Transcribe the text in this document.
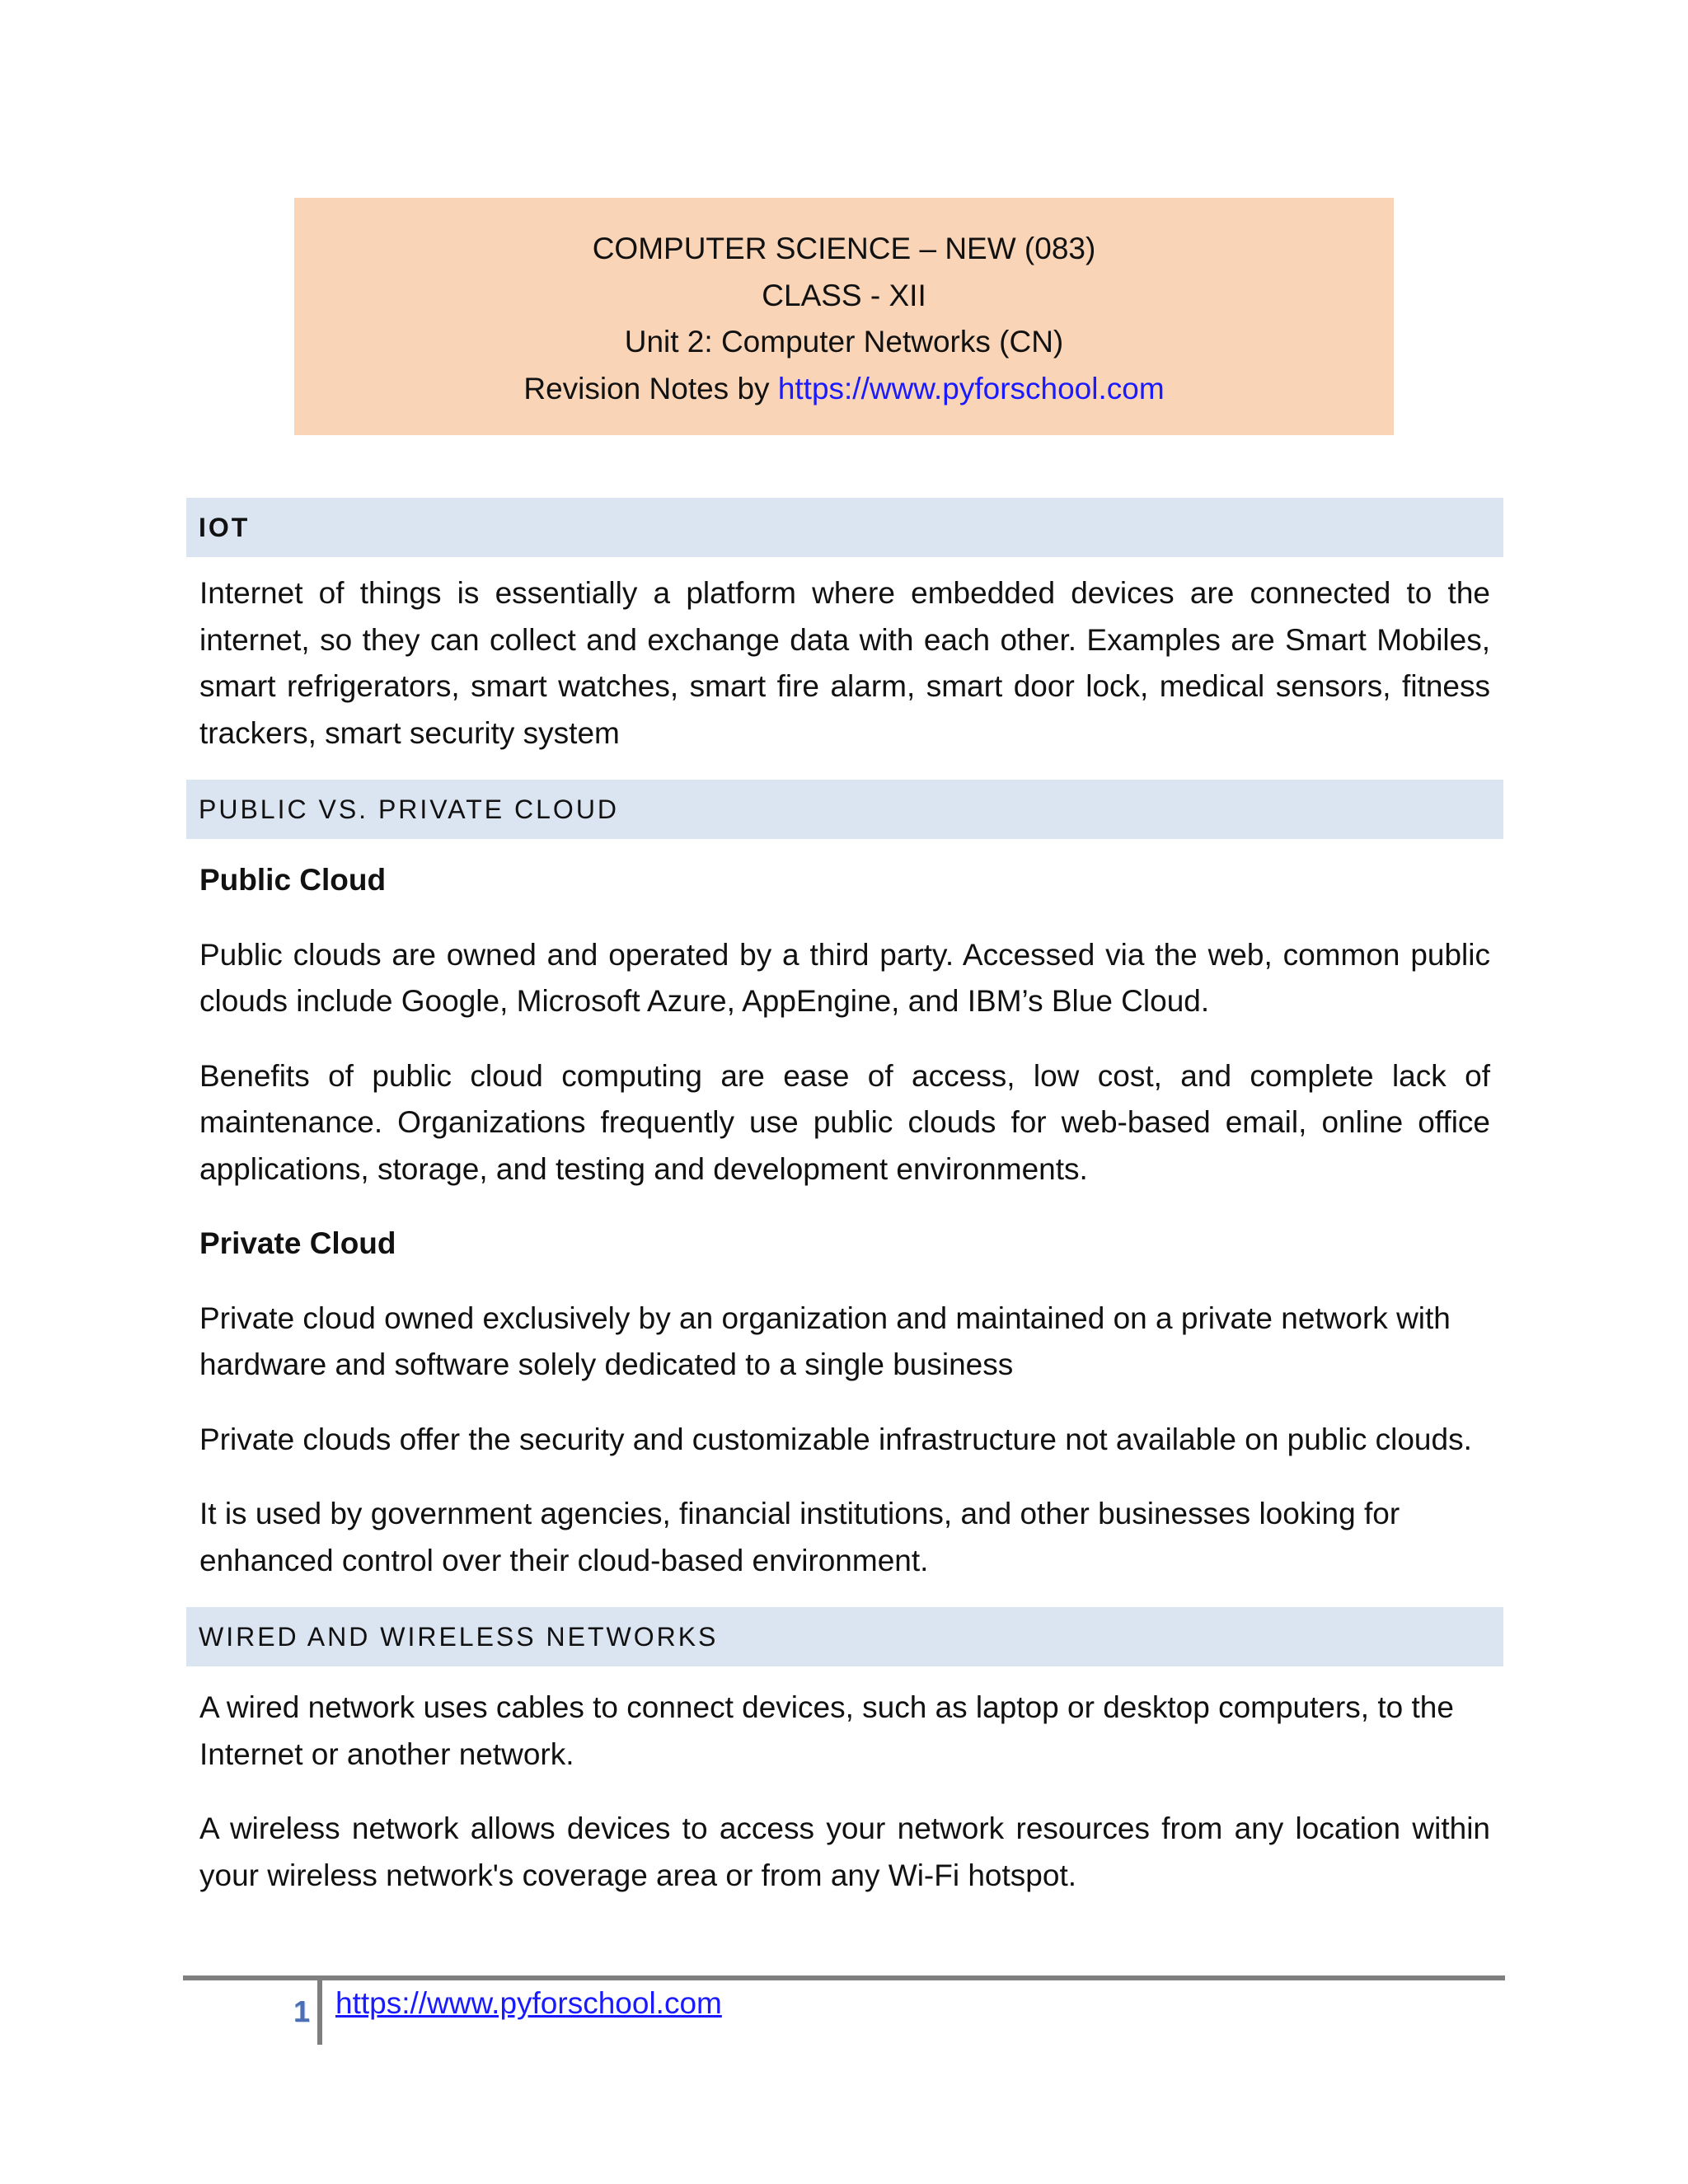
COMPUTER SCIENCE – NEW (083)
CLASS - XII
Unit 2: Computer Networks (CN)
Revision Notes by https://www.pyforschool.com
IOT

Internet of things is essentially a platform where embedded devices are connected to the internet, so they can collect and exchange data with each other. Examples are Smart Mobiles, smart refrigerators, smart watches, smart fire alarm, smart door lock, medical sensors, fitness trackers, smart security system

PUBLIC VS. PRIVATE CLOUD

Public Cloud

Public clouds are owned and operated by a third party. Accessed via the web, common public clouds include Google, Microsoft Azure, AppEngine, and IBM’s Blue Cloud.

Benefits of public cloud computing are ease of access, low cost, and complete lack of maintenance. Organizations frequently use public clouds for web-based email, online office applications, storage, and testing and development environments.

Private Cloud

Private cloud owned exclusively by an organization and maintained on a private network with hardware and software solely dedicated to a single business

Private clouds offer the security and customizable infrastructure not available on public clouds.

It is used by government agencies, financial institutions, and other businesses looking for enhanced control over their cloud-based environment.

WIRED AND WIRELESS NETWORKS

A wired network uses cables to connect devices, such as laptop or desktop computers, to the Internet or another network.

A wireless network allows devices to access your network resources from any location within your wireless network's coverage area or from any Wi-Fi hotspot.

1 https://www.pyforschool.com
